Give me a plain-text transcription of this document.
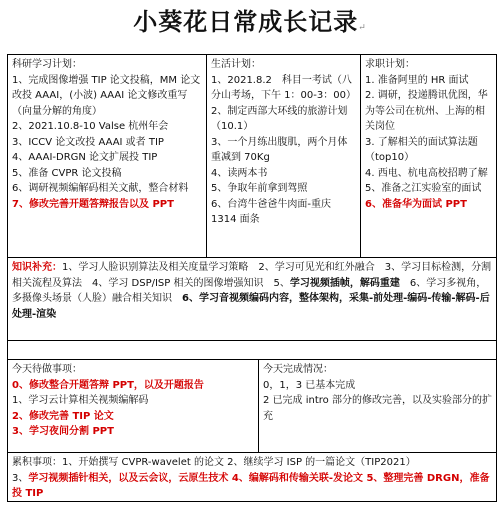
小葵花日常成长记录↵
科研学习计划：
1、完成图像增强 TIP 论文投稿，MM 论文改投 AAAI，(小波) AAAI 论文修改重写（向量分解的角度）
2、2021.10.8-10 Valse 杭州年会
3、ICCV 论文改投 AAAI 或者 TIP
4、AAAI-DRGN 论文扩展投 TIP
5、准备 CVPR 论文投稿
6、调研视频编解码相关文献，整合材料
7、修改完善开题答辩报告以及 PPT
生活计划：
1、2021.8.2　科目一考试（八分山考场，下午 1：00-3：00）
2、制定西部大环线的旅游计划（10.1）
3、一个月练出腹肌，两个月体重减到 70Kg
4、读两本书
5、争取年前拿到驾照
6、台湾牛爸爸牛肉面-重庆 1314 面条
求职计划：
1. 准备阿里的 HR 面试
2. 调研，投递腾讯优图，华为等公司在杭州、上海的相关岗位
3. 了解相关的面试算法题（top10）
4. 西电、杭电高校招聘了解
5、准备之江实验室的面试
6、准备华为面试 PPT
知识补充：1、学习人脸识别算法及相关度量学习策略　2、学习可见光和红外融合　3、学习目标检测，分割相关流程及算法　4、学习 DSP/ISP 相关的图像增强知识　5、学习视频插帧，解码重建　6、学习多视角，多摄像头场景（人脸）融合相关知识　6、学习音视频编码内容，整体架构，采集-前处理-编码-传输-解码-后处理-渲染
今天待做事项：
0、修改整合开题答辩 PPT，以及开题报告
1、学习云计算相关视频编解码
2、修改完善 TIP 论文
3、学习夜间分割 PPT
今天完成情况：
0，1，3 已基本完成
2 已完成 intro 部分的修改完善，以及实验部分的扩充
累积事项：1、开始撰写 CVPR-wavelet 的论文 2、继续学习 ISP 的一篇论文（TIP2021）
3、学习视频插针相关，以及云会议，云原生技术 4、编解码和传输关联-发论文 5、整理完善 DRGN，准备投 TIP
